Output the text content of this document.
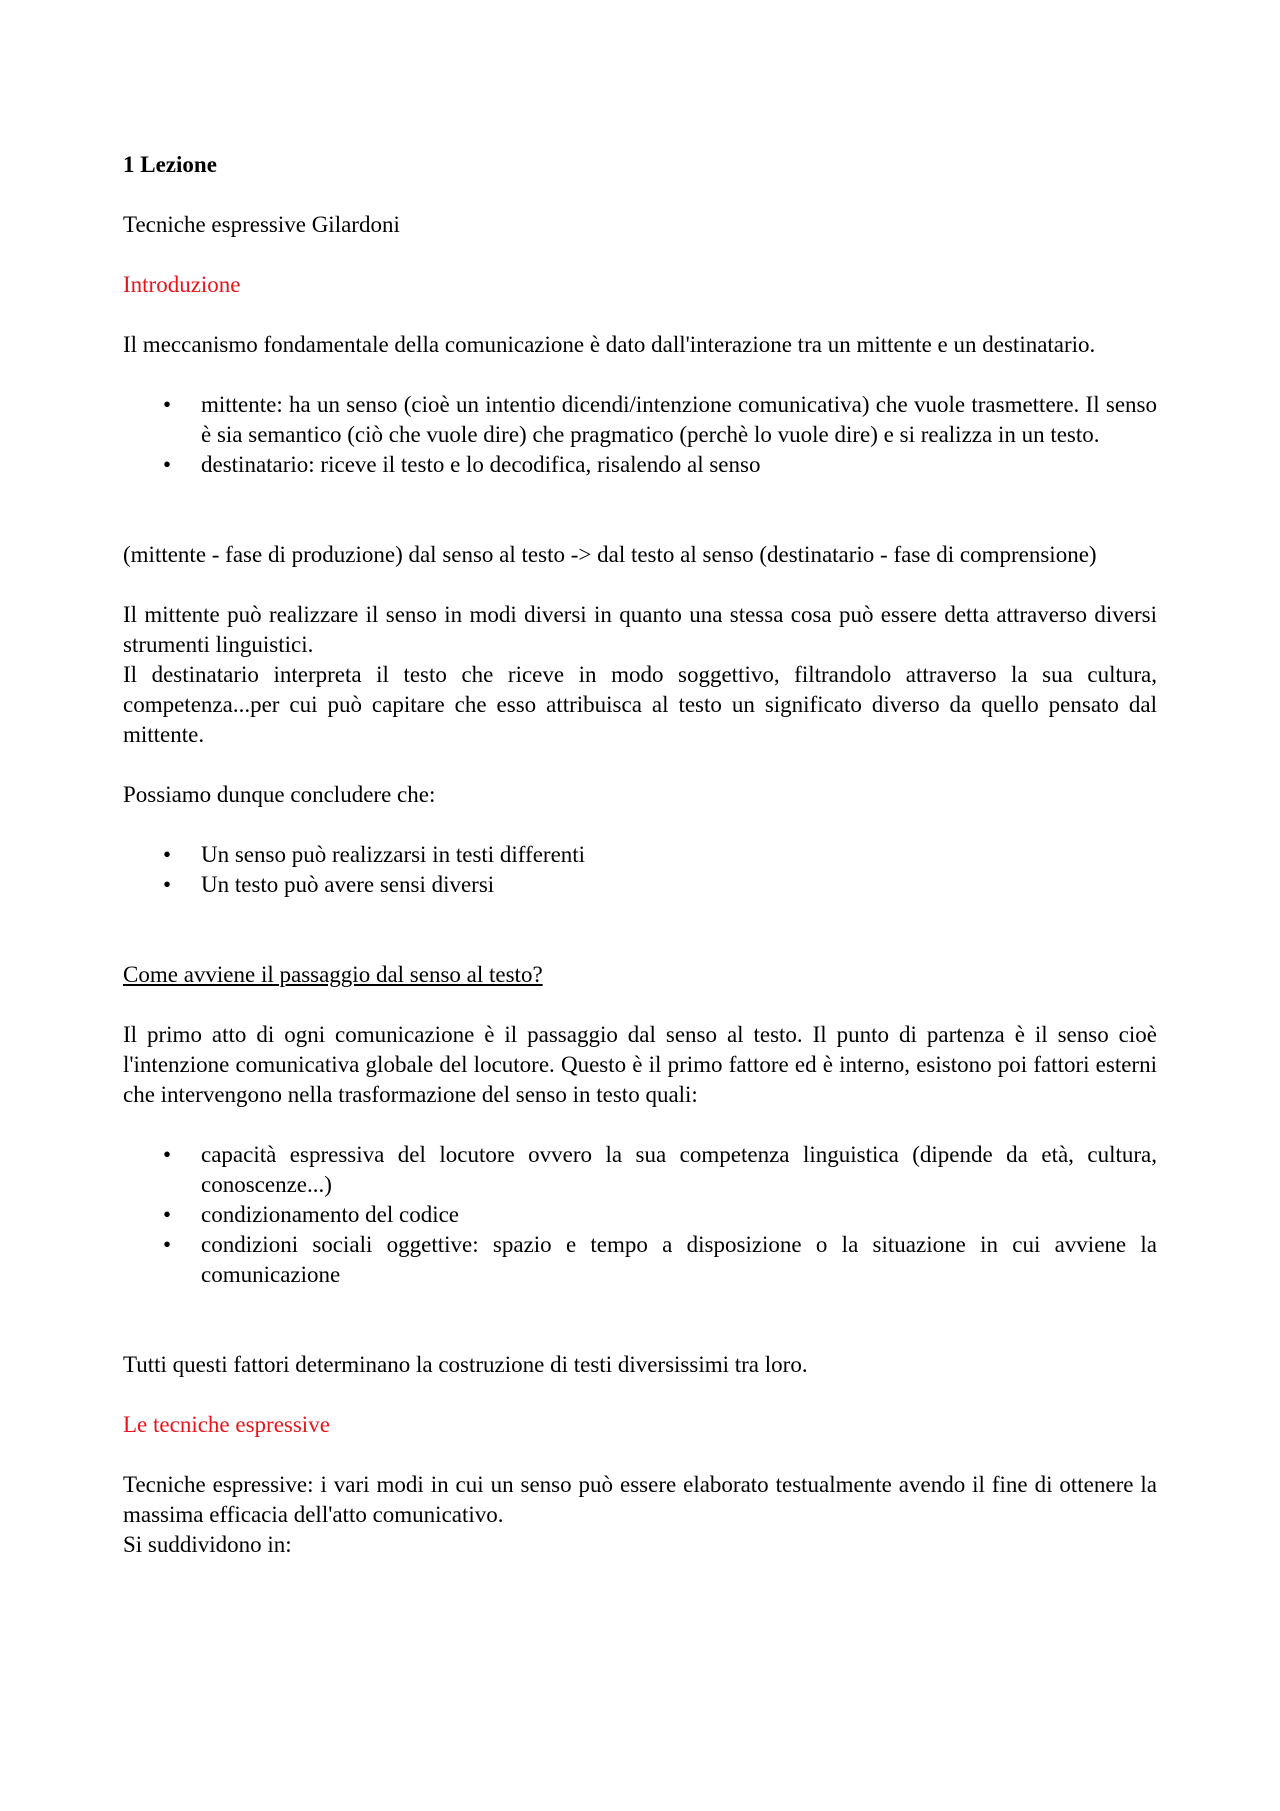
1 Lezione

Tecniche espressive Gilardoni

Introduzione

Il meccanismo fondamentale della comunicazione è dato dall'interazione tra un mittente e un destinatario.

• mittente: ha un senso (cioè un intentio dicendi/intenzione comunicativa) che vuole trasmettere. Il senso è sia semantico (ciò che vuole dire) che pragmatico (perchè lo vuole dire) e si realizza in un testo.
• destinatario: riceve il testo e lo decodifica, risalendo al senso

(mittente - fase di produzione) dal senso al testo -> dal testo al senso (destinatario - fase di comprensione)

Il mittente può realizzare il senso in modi diversi in quanto una stessa cosa può essere detta attraverso diversi strumenti linguistici.

Il destinatario interpreta il testo che riceve in modo soggettivo, filtrandolo attraverso la sua cultura, competenza...per cui può capitare che esso attribuisca al testo un significato diverso da quello pensato dal mittente.

Possiamo dunque concludere che:

• Un senso può realizzarsi in testi differenti
• Un testo può avere sensi diversi

Come avviene il passaggio dal senso al testo?

Il primo atto di ogni comunicazione è il passaggio dal senso al testo. Il punto di partenza è il senso cioè l'intenzione comunicativa globale del locutore. Questo è il primo fattore ed è interno, esistono poi fattori esterni che intervengono nella trasformazione del senso in testo quali:

• capacità espressiva del locutore ovvero la sua competenza linguistica (dipende da età, cultura, conoscenze...)
• condizionamento del codice
• condizioni sociali oggettive: spazio e tempo a disposizione o la situazione in cui avviene la comunicazione

Tutti questi fattori determinano la costruzione di testi diversissimi tra loro.

Le tecniche espressive

Tecniche espressive: i vari modi in cui un senso può essere elaborato testualmente avendo il fine di ottenere la massima efficacia dell'atto comunicativo.

Si suddividono in:
